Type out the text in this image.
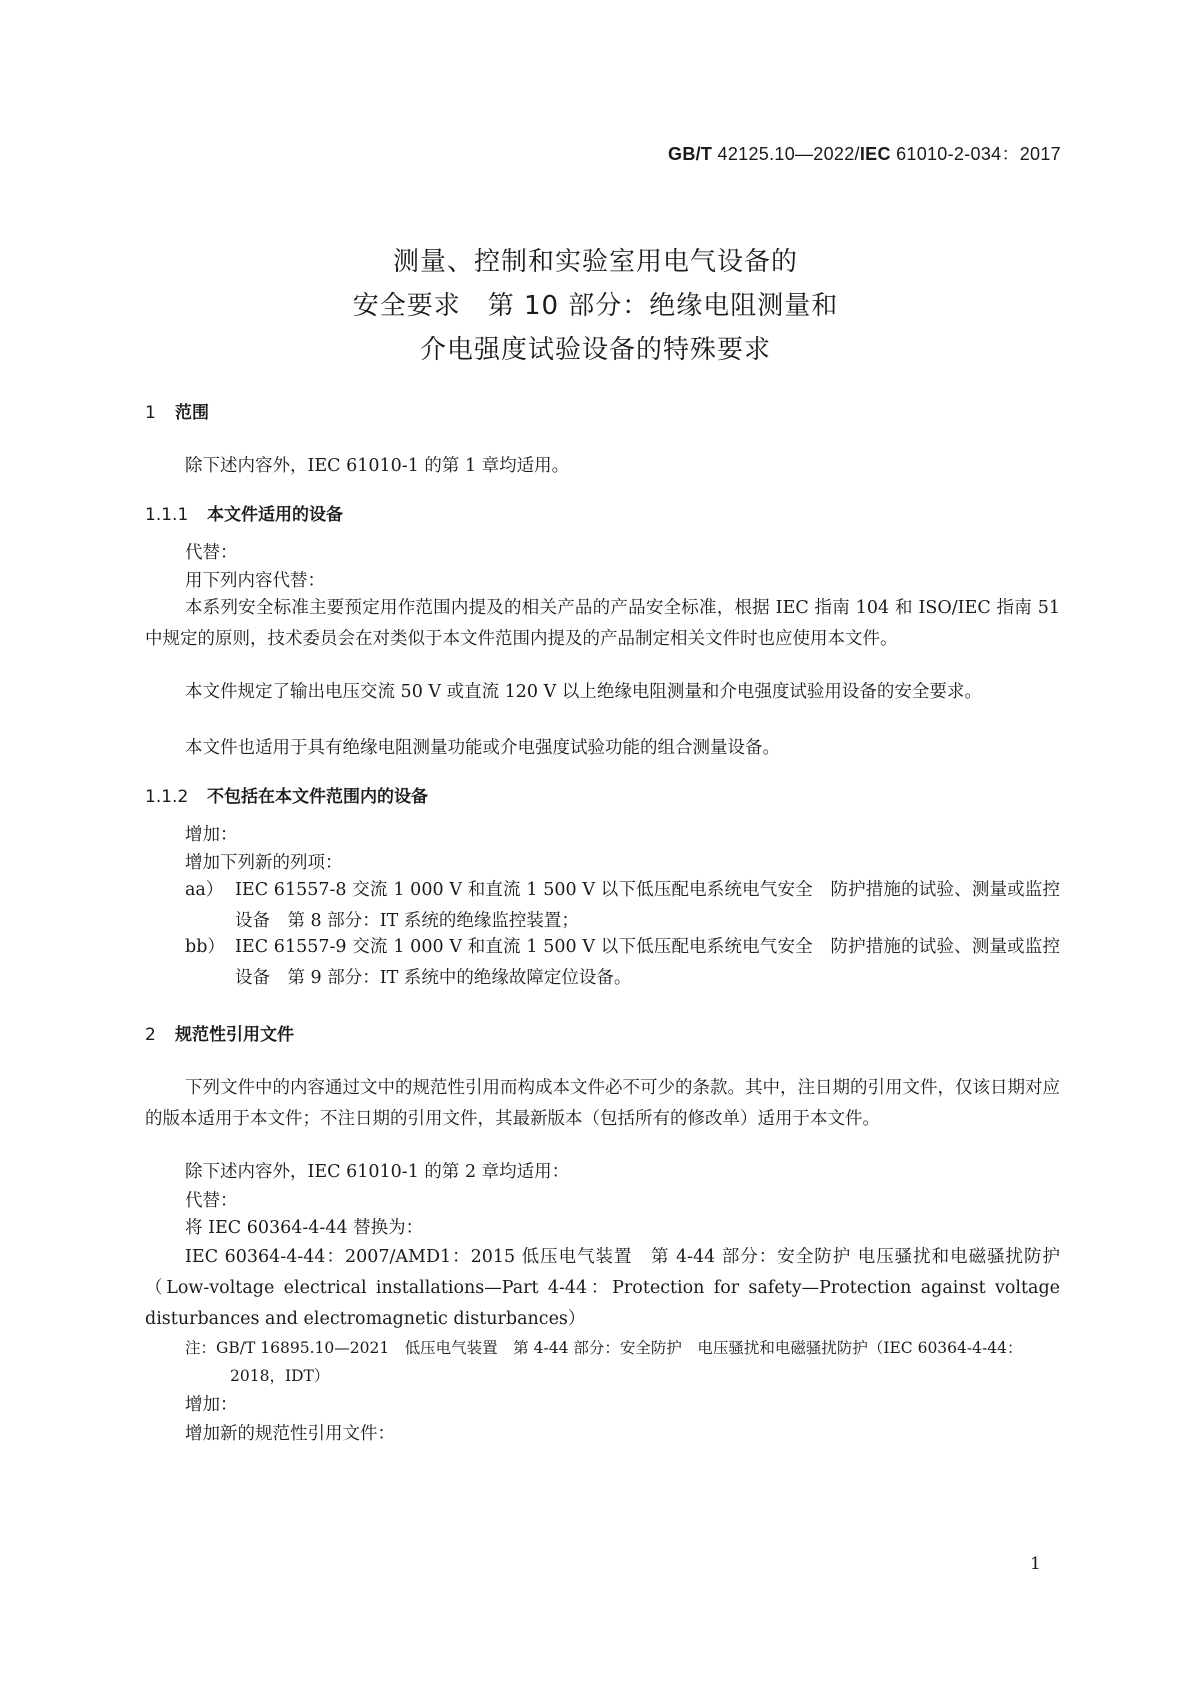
GB/T 42125.10—2022/IEC 61010-2-034：2017
测量、控制和实验室用电气设备的
安全要求　第 10 部分：绝缘电阻测量和
介电强度试验设备的特殊要求
1 范围
除下述内容外，IEC 61010-1 的第 1 章均适用。
1.1.1 本文件适用的设备
代替：
用下列内容代替：
本系列安全标准主要预定用作范围内提及的相关产品的产品安全标准，根据 IEC 指南 104 和 ISO/IEC 指南 51 中规定的原则，技术委员会在对类似于本文件范围内提及的产品制定相关文件时也应使用本文件。
本文件规定了输出电压交流 50 V 或直流 120 V 以上绝缘电阻测量和介电强度试验用设备的安全要求。
本文件也适用于具有绝缘电阻测量功能或介电强度试验功能的组合测量设备。
1.1.2 不包括在本文件范围内的设备
增加：
增加下列新的列项：
aa） IEC 61557-8 交流 1 000 V 和直流 1 500 V 以下低压配电系统电气安全　防护措施的试验、测量或监控设备　第 8 部分：IT 系统的绝缘监控装置；
bb） IEC 61557-9 交流 1 000 V 和直流 1 500 V 以下低压配电系统电气安全　防护措施的试验、测量或监控设备　第 9 部分：IT 系统中的绝缘故障定位设备。
2 规范性引用文件
下列文件中的内容通过文中的规范性引用而构成本文件必不可少的条款。其中，注日期的引用文件，仅该日期对应的版本适用于本文件；不注日期的引用文件，其最新版本（包括所有的修改单）适用于本文件。
除下述内容外，IEC 61010-1 的第 2 章均适用：
代替：
将 IEC 60364-4-44 替换为：
IEC 60364-4-44：2007/AMD1：2015 低压电气装置　第 4-44 部分：安全防护 电压骚扰和电磁骚扰防护（Low-voltage electrical installations—Part 4-44：Protection for safety—Protection against voltage disturbances and electromagnetic disturbances）
注：GB/T 16895.10—2021　低压电气装置　第 4-44 部分：安全防护　电压骚扰和电磁骚扰防护（IEC 60364-4-44：
2018，IDT）
增加：
增加新的规范性引用文件：
1
